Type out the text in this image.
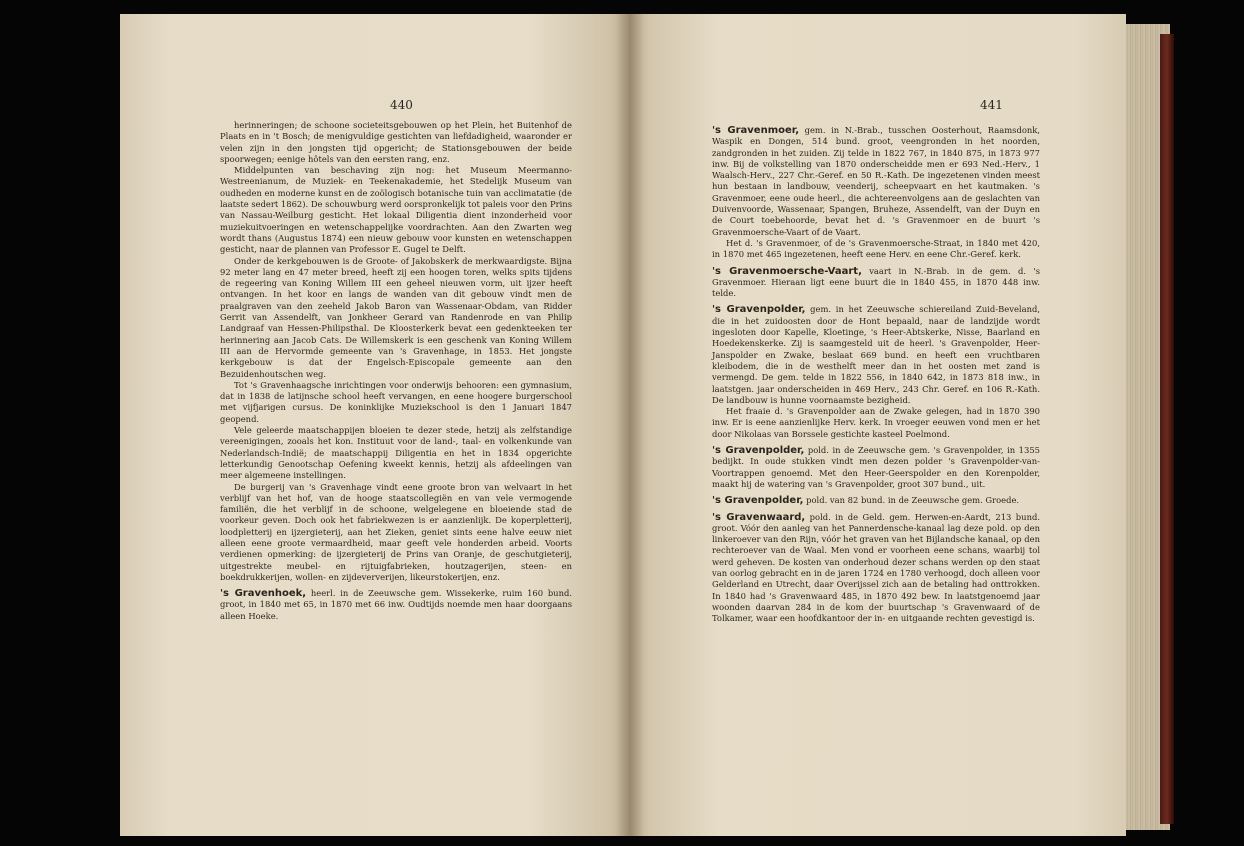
440

herinneringen; de schoone societeitsgebouwen op het Plein, het Buitenhof de Plaats en in 't Bosch; de menigvuldige gestichten van liefdadigheid, waaronder er velen zijn in den jongsten tijd opgericht; de Stationsgebouwen der beide spoorwegen; eenige hôtels van den eersten rang, enz.

Middelpunten van beschaving zijn nog: het Museum Meermanno-Westreenianum, de Muziek- en Teekenakademie, het Stedelijk Museum van oudheden en moderne kunst en de zoölogisch botanische tuin van acclimatatie (de laatste sedert 1862). De schouwburg werd oorspronkelijk tot paleis voor den Prins van Nassau-Weilburg gesticht. Het lokaal Diligentia dient inzonderheid voor muziekuitvoeringen en wetenschappelijke voordrachten. Aan den Zwarten weg wordt thans (Augustus 1874) een nieuw gebouw voor kunsten en wetenschappen gesticht, naar de plannen van Professor E. Gugel te Delft.

Onder de kerkgebouwen is de Groote- of Jakobskerk de merkwaardigste. Bijna 92 meter lang en 47 meter breed, heeft zij een hoogen toren, welks spits tijdens de regeering van Koning Willem III een geheel nieuwen vorm, uit ijzer heeft ontvangen. In het koor en langs de wanden van dit gebouw vindt men de praalgraven van den zeeheld Jakob Baron van Wassenaar-Obdam, van Ridder Gerrit van Assendelft, van Jonkheer Gerard van Randenrode en van Philip Landgraaf van Hessen-Philipsthal. De Kloosterkerk bevat een gedenkteeken ter herinnering aan Jacob Cats. De Willemskerk is een geschenk van Koning Willem III aan de Hervormde gemeente van 's Gravenhage, in 1853. Het jongste kerkgebouw is dat der Engelsch-Episcopale gemeente aan den Bezuidenhoutschen weg.

Tot 's Gravenhaagsche inrichtingen voor onderwijs behooren: een gymnasium, dat in 1838 de latijnsche school heeft vervangen, en eene hoogere burgerschool met vijfjarigen cursus. De koninklijke Muziekschool is den 1 Januari 1847 geopend.

Vele geleerde maatschappijen bloeien te dezer stede, hetzij als zelfstandige vereenigingen, zooals het kon. Instituut voor de land-, taal- en volkenkunde van Nederlandsch-Indië; de maatschappij Diligentia en het in 1834 opgerichte letterkundig Genootschap Oefening kweekt kennis, hetzij als afdeelingen van meer algemeene instellingen.

De burgerij van 's Gravenhage vindt eene groote bron van welvaart in het verblijf van het hof, van de hooge staatscollegiën en van vele vermogende familiën, die het verblijf in de schoone, welgelegene en bloeiende stad de voorkeur geven. Doch ook het fabriekwezen is er aanzienlijk. De koperpletterij, loodpletterij en ijzergieterij, aan het Zieken, geniet sints eene halve eeuw niet alleen eene groote vermaardheid, maar geeft vele honderden arbeid. Voorts verdienen opmerking: de ijzergieterij de Prins van Oranje, de geschutgieterij, uitgestrekte meubel- en rijtuigfabrieken, houtzagerijen, steen- en boekdrukkerijen, wollen- en zijdeververijen, likeurstokerijen, enz.

's Gravenhoek, heerl. in de Zeeuwsche gem. Wissekerke, ruim 160 bund. groot, in 1840 met 65, in 1870 met 66 inw. Oudtijds noemde men haar doorgaans alleen Hoeke.

441

's Gravenmoer, gem. in N.-Brab., tusschen Oosterhout, Raamsdonk, Waspik en Dongen, 514 bund. groot, veengronden in het noorden, zandgronden in het zuiden. Zij telde in 1822 767, in 1840 875, in 1873 977 inw. Bij de volkstelling van 1870 onderscheidde men er 693 Ned.-Herv., 1 Waalsch-Herv., 227 Chr.-Geref. en 50 R.-Kath. De ingezetenen vinden meest hun bestaan in landbouw, veenderij, scheepvaart en het kautmaken. 's Gravenmoer, eene oude heerl., die achtereenvolgens aan de geslachten van Duivenvoorde, Wassenaar, Spangen, Bruheze, Assendelft, van der Duyn en de Court toebehoorde, bevat het d. 's Gravenmoer en de buurt 's Gravenmoersche-Vaart of de Vaart.

Het d. 's Gravenmoer, of de 's Gravenmoersche-Straat, in 1840 met 420, in 1870 met 465 ingezetenen, heeft eene Herv. en eene Chr.-Geref. kerk.

's Gravenmoersche-Vaart, vaart in N.-Brab. in de gem. d. 's Gravenmoer. Hieraan ligt eene buurt die in 1840 455, in 1870 448 inw. telde.

's Gravenpolder, gem. in het Zeeuwsche schiereiland Zuid-Beveland, die in het zuidoosten door de Hont bepaald, naar de landzijde wordt ingesloten door Kapelle, Kloetinge, 's Heer-Abtskerke, Nisse, Baarland en Hoedekenskerke. Zij is saamgesteld uit de heerl. 's Gravenpolder, Heer-Janspolder en Zwake, beslaat 669 bund. en heeft een vruchtbaren kleibodem, die in de westhelft meer dan in het oosten met zand is vermengd. De gem. telde in 1822 556, in 1840 642, in 1873 818 inw., in laatstgen. jaar onderscheiden in 469 Herv., 243 Chr. Geref. en 106 R.-Kath. De landbouw is hunne voornaamste bezigheid.

Het fraaie d. 's Gravenpolder aan de Zwake gelegen, had in 1870 390 inw. Er is eene aanzienlijke Herv. kerk. In vroeger eeuwen vond men er het door Nikolaas van Borssele gestichte kasteel Poelmond.

's Gravenpolder, pold. in de Zeeuwsche gem. 's Gravenpolder, in 1355 bedijkt. In oude stukken vindt men dezen polder 's Gravenpolder-van-Voortrappen genoemd. Met den Heer-Geerspolder en den Korenpolder, maakt hij de watering van 's Gravenpolder, groot 307 bund., uit.

's Gravenpolder, pold. van 82 bund. in de Zeeuwsche gem. Groede.

's Gravenwaard, pold. in de Geld. gem. Herwen-en-Aardt, 213 bund. groot. Vóór den aanleg van het Pannerdensche-kanaal lag deze pold. op den linkeroever van den Rijn, vóór het graven van het Bijlandsche kanaal, op den rechteroever van de Waal. Men vond er voorheen eene schans, waarbij tol werd geheven. De kosten van onderhoud dezer schans werden op den staat van oorlog gebracht en in de jaren 1724 en 1780 verhoogd, doch alleen voor Gelderland en Utrecht, daar Overijssel zich aan de betaling had onttrokken. In 1840 had 's Gravenwaard 485, in 1870 492 bew. In laatstgenoemd jaar woonden daarvan 284 in de kom der buurtschap 's Gravenwaard of de Tolkamer, waar een hoofdkantoor der in- en uitgaande rechten gevestigd is.
